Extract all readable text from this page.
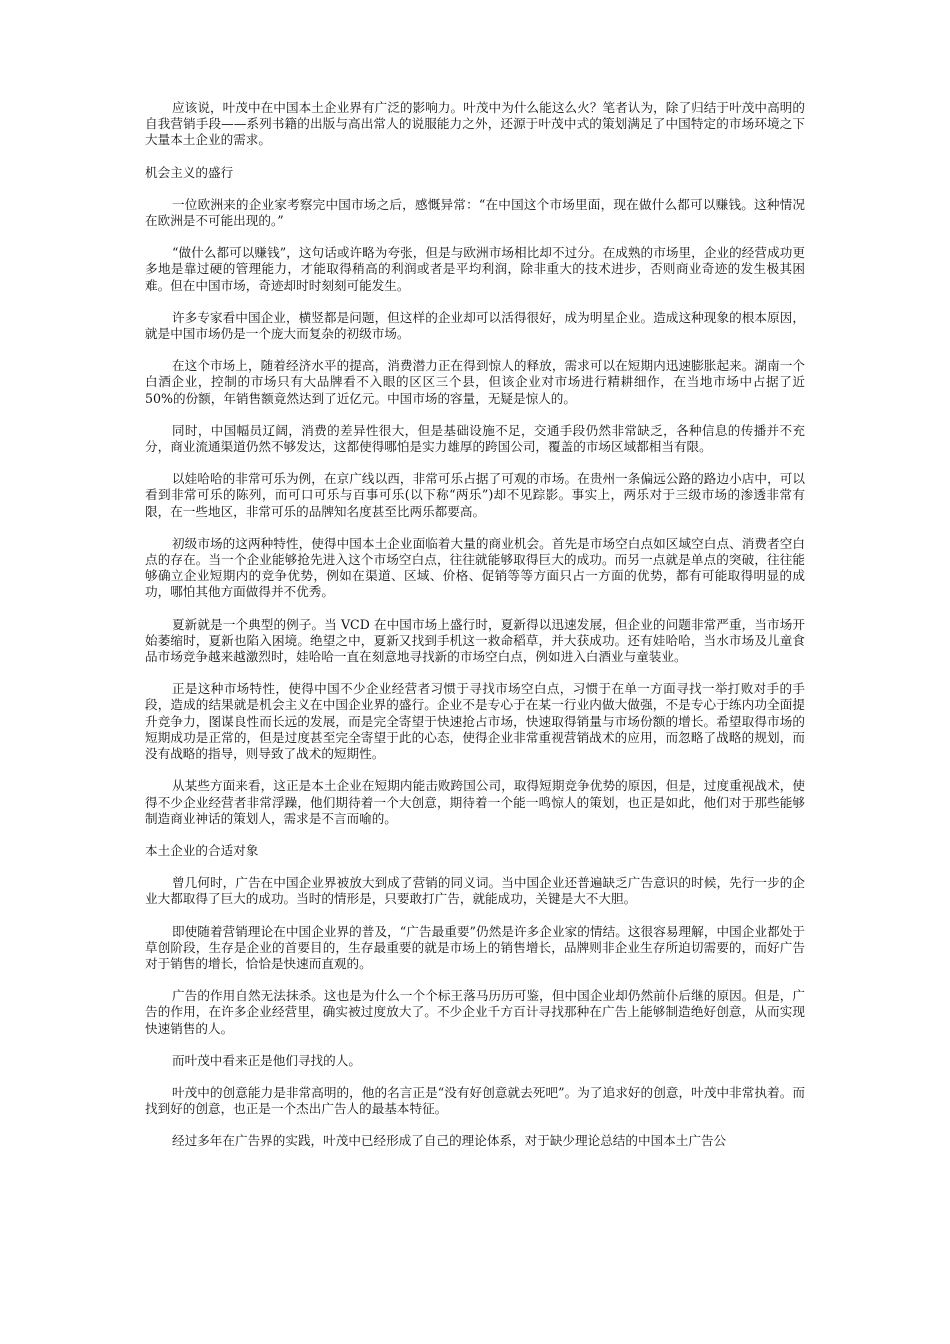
应该说，叶茂中在中国本土企业界有广泛的影响力。叶茂中为什么能这么火？笔者认为，除了归结于叶茂中高明的自我营销手段——系列书籍的出版与高出常人的说服能力之外，还源于叶茂中式的策划满足了中国特定的市场环境之下大量本土企业的需求。

机会主义的盛行

一位欧洲来的企业家考察完中国市场之后，感慨异常：“在中国这个市场里面，现在做什么都可以赚钱。这种情况在欧洲是不可能出现的。”

“做什么都可以赚钱”，这句话或许略为夸张，但是与欧洲市场相比却不过分。在成熟的市场里，企业的经营成功更多地是靠过硬的管理能力，才能取得稍高的利润或者是平均利润，除非重大的技术进步，否则商业奇迹的发生极其困难。但在中国市场，奇迹却时时刻刻可能发生。

许多专家看中国企业，横竖都是问题，但这样的企业却可以活得很好，成为明星企业。造成这种现象的根本原因，就是中国市场仍是一个庞大而复杂的初级市场。

在这个市场上，随着经济水平的提高，消费潜力正在得到惊人的释放，需求可以在短期内迅速膨胀起来。湖南一个白酒企业，控制的市场只有大品牌看不入眼的区区三个县，但该企业对市场进行精耕细作，在当地市场中占据了近 50%的份额，年销售额竟然达到了近亿元。中国市场的容量，无疑是惊人的。

同时，中国幅员辽阔，消费的差异性很大，但是基础设施不足，交通手段仍然非常缺乏，各种信息的传播并不充分，商业流通渠道仍然不够发达，这都使得哪怕是实力雄厚的跨国公司，覆盖的市场区域都相当有限。

以娃哈哈的非常可乐为例，在京广线以西，非常可乐占据了可观的市场。在贵州一条偏远公路的路边小店中，可以看到非常可乐的陈列，而可口可乐与百事可乐(以下称“两乐”)却不见踪影。事实上，两乐对于三级市场的渗透非常有限，在一些地区，非常可乐的品牌知名度甚至比两乐都要高。

初级市场的这两种特性，使得中国本土企业面临着大量的商业机会。首先是市场空白点如区域空白点、消费者空白点的存在。当一个企业能够抢先进入这个市场空白点，往往就能够取得巨大的成功。而另一点就是单点的突破，往往能够确立企业短期内的竞争优势，例如在渠道、区域、价格、促销等等方面只占一方面的优势，都有可能取得明显的成功，哪怕其他方面做得并不优秀。

夏新就是一个典型的例子。当 VCD 在中国市场上盛行时，夏新得以迅速发展，但企业的问题非常严重，当市场开始萎缩时，夏新也陷入困境。绝望之中，夏新又找到手机这一救命稻草，并大获成功。还有娃哈哈，当水市场及儿童食品市场竞争越来越激烈时，娃哈哈一直在刻意地寻找新的市场空白点，例如进入白酒业与童装业。

正是这种市场特性，使得中国不少企业经营者习惯于寻找市场空白点，习惯于在单一方面寻找一举打败对手的手段，造成的结果就是机会主义在中国企业界的盛行。企业不是专心于在某一行业内做大做强，不是专心于练内功全面提升竞争力，图谋良性而长远的发展，而是完全寄望于快速抢占市场，快速取得销量与市场份额的增长。希望取得市场的短期成功是正常的，但是过度甚至完全寄望于此的心态，使得企业非常重视营销战术的应用，而忽略了战略的规划，而没有战略的指导，则导致了战术的短期性。

从某些方面来看，这正是本土企业在短期内能击败跨国公司，取得短期竞争优势的原因，但是，过度重视战术，使得不少企业经营者非常浮躁，他们期待着一个大创意，期待着一个能一鸣惊人的策划，也正是如此，他们对于那些能够制造商业神话的策划人，需求是不言而喻的。

本土企业的合适对象

曾几何时，广告在中国企业界被放大到成了营销的同义词。当中国企业还普遍缺乏广告意识的时候，先行一步的企业大都取得了巨大的成功。当时的情形是，只要敢打广告，就能成功，关键是大不大胆。

即使随着营销理论在中国企业界的普及，“广告最重要”仍然是许多企业家的情结。这很容易理解，中国企业都处于草创阶段，生存是企业的首要目的，生存最重要的就是市场上的销售增长，品牌则非企业生存所迫切需要的，而好广告对于销售的增长，恰恰是快速而直观的。

广告的作用自然无法抹杀。这也是为什么一个个标王落马历历可鉴，但中国企业却仍然前仆后继的原因。但是，广告的作用，在许多企业经营里，确实被过度放大了。不少企业千方百计寻找那种在广告上能够制造绝好创意，从而实现快速销售的人。

而叶茂中看来正是他们寻找的人。

叶茂中的创意能力是非常高明的，他的名言正是“没有好创意就去死吧”。为了追求好的创意，叶茂中非常执着。而找到好的创意，也正是一个杰出广告人的最基本特征。

经过多年在广告界的实践，叶茂中已经形成了自己的理论体系，对于缺少理论总结的中国本土广告公
